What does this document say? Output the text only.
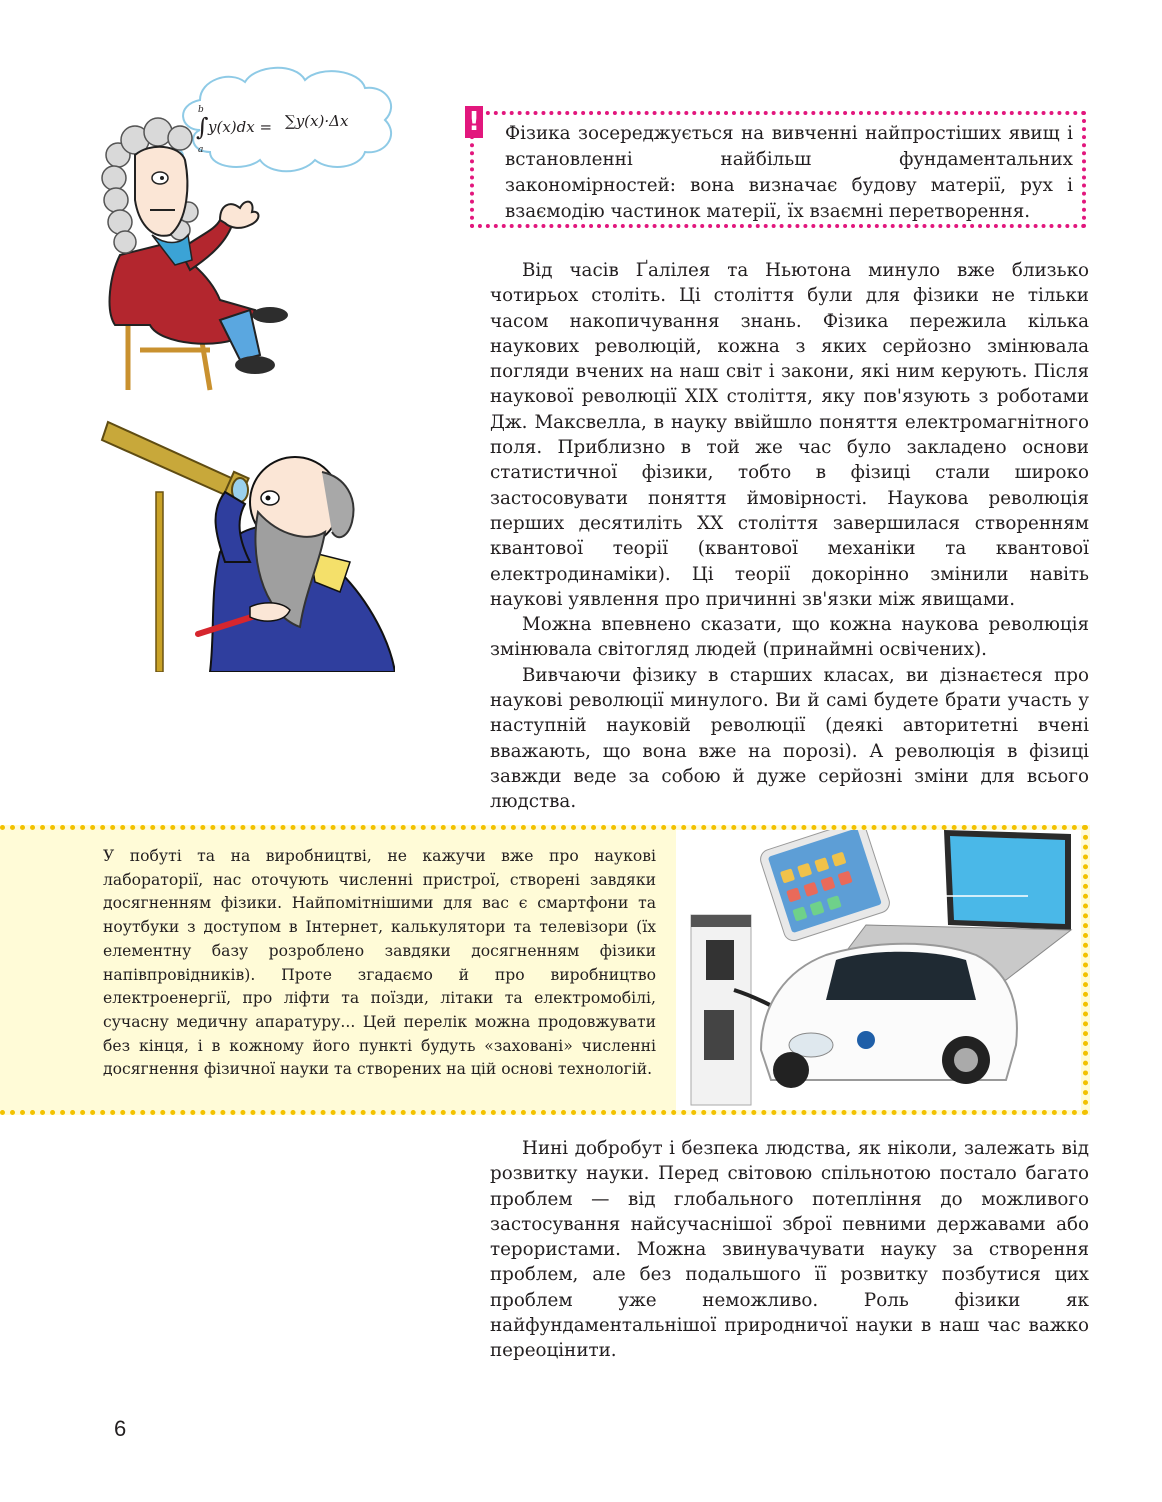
b
∫
a
y(x)dx = ∑y(x)·Δx	! Фізика зосереджується на вивченні найпростіших явищ і встановленні найбільш фундаментальних закономірностей: вона визначає будову матерії, рух і взаємодію частинок матерії, їх взаємні перетворення.

Від часів Ґалілея та Ньютона минуло вже близько чотирьох століть. Ці століття були для фізики не тільки часом накопичування знань. Фізика пережила кілька наукових революцій, кожна з яких серйозно змінювала погляди вчених на наш світ і закони, які ним керують. Після наукової революції XIX століття, яку пов'язують з роботами Дж. Максвелла, в науку ввійшло поняття електромагнітного поля. Приблизно в той же час було закладено основи статистичної фізики, тобто в фізиці стали широко застосовувати поняття ймовірності. Наукова революція перших десятиліть XX століття завершилася створенням квантової теорії (квантової механіки та квантової електродинаміки). Ці теорії докорінно змінили навіть наукові уявлення про причинні зв'язки між явищами.

Можна впевнено сказати, що кожна наукова революція змінювала світогляд людей (принаймні освічених).

Вивчаючи фізику в старших класах, ви дізнаєтеся про наукові революції минулого. Ви й самі будете брати участь у наступній науковій революції (деякі авторитетні вчені вважають, що вона вже на порозі). А революція в фізиці завжди веде за собою й дуже серйозні зміни для всього людства.

У побуті та на виробництві, не кажучи вже про наукові лабораторії, нас оточують численні пристрої, створені завдяки досягненням фізики. Найпомітнішими для вас є смартфони та ноутбуки з доступом в Інтернет, калькулятори та телевізори (їх елементну базу розроблено завдяки досягненням фізики напівпровідників). Проте згадаємо й про виробництво електроенергії, про ліфти та поїзди, літаки та електромобілі, сучасну медичну апаратуру... Цей перелік можна продовжувати без кінця, і в кожному його пункті будуть «заховані» численні досягнення фізичної науки та створених на цій основі технологій.

Нині добробут і безпека людства, як ніколи, залежать від розвитку науки. Перед світовою спільнотою постало багато проблем — від глобального потепління до можливого застосування найсучаснішої зброї певними державами або терористами. Можна звинувачувати науку за створення проблем, але без подальшого її розвитку позбутися цих проблем уже неможливо. Роль фізики як найфундаментальнішої природничої науки в наш час важко переоцінити.

6
